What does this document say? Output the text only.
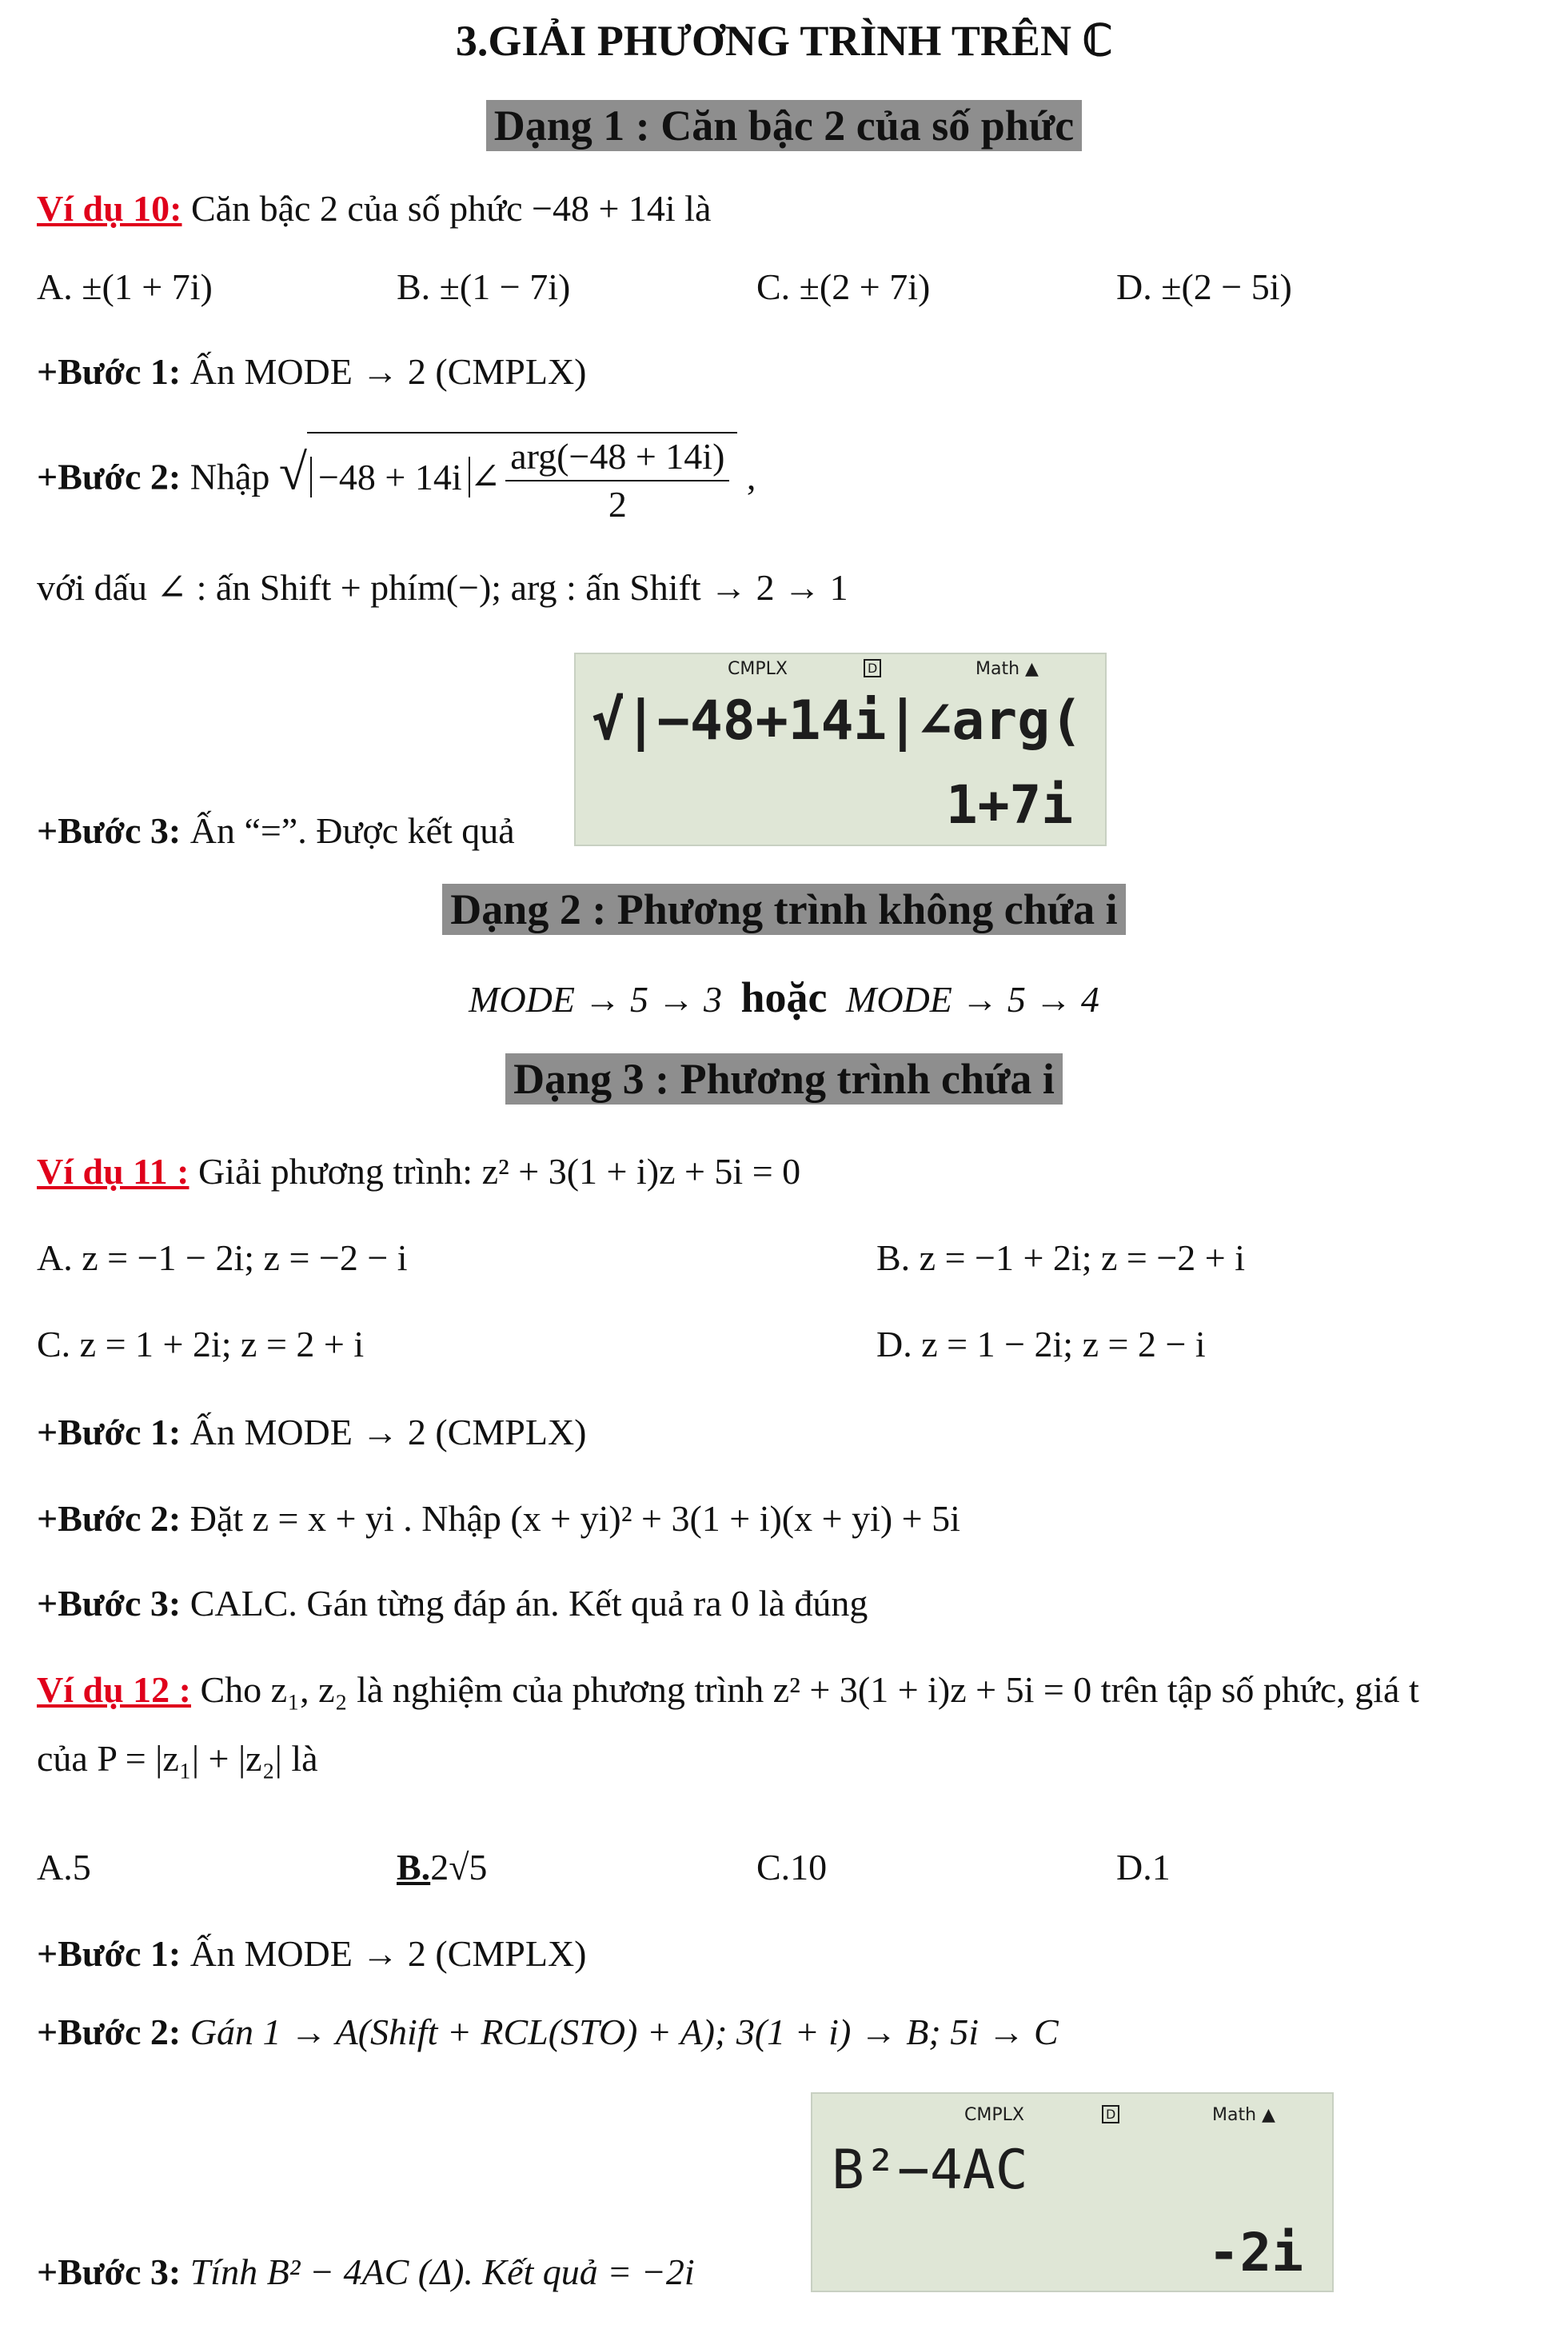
3.GIẢI PHƯƠNG TRÌNH TRÊN ℂ
Dạng 1 : Căn bậc 2 của số phức
Ví dụ 10: Căn bậc 2 của số phức −48 + 14i là
A. ±(1 + 7i)	B. ±(1 − 7i)	C. ±(2 + 7i)	D. ±(2 − 5i)
+Bước 1: Ấn MODE → 2 (CMPLX)
+Bước 2: Nhập √ −48 + 14i ∠ $\frac{\text{arg(−48 + 14i)}}{2}$ ,
với dấu ∠ : ấn Shift + phím(−); arg : ấn Shift → 2 → 1
CMPLX	D	Math ▲
√|−48+14i|∠arg(
1+7i
+Bước 3: Ấn “=”. Được kết quả
Dạng 2 : Phương trình không chứa i
MODE → 5 → 3 hoặc MODE → 5 → 4
Dạng 3 : Phương trình chứa i
Ví dụ 11 : Giải phương trình: z² + 3(1 + i)z + 5i = 0
A. z = −1 − 2i; z = −2 − i	B. z = −1 + 2i; z = −2 + i
C. z = 1 + 2i; z = 2 + i	D. z = 1 − 2i; z = 2 − i
+Bước 1: Ấn MODE → 2 (CMPLX)
+Bước 2: Đặt z = x + yi . Nhập (x + yi)² + 3(1 + i)(x + yi) + 5i
+Bước 3: CALC. Gán từng đáp án. Kết quả ra 0 là đúng
Ví dụ 12 : Cho z₁, z₂ là nghiệm của phương trình z² + 3(1 + i)z + 5i = 0 trên tập số phức, giá t
của P = |z₁| + |z₂| là
A.5	B.2√5	C.10	D.1
+Bước 1: Ấn MODE → 2 (CMPLX)
+Bước 2: Gán 1 → A(Shift + RCL(STO) + A); 3(1 + i) → B; 5i → C
CMPLX	D	Math ▲
B²−4AC
-2i
+Bước 3: Tính B² − 4AC (Δ). Kết quả = −2i
